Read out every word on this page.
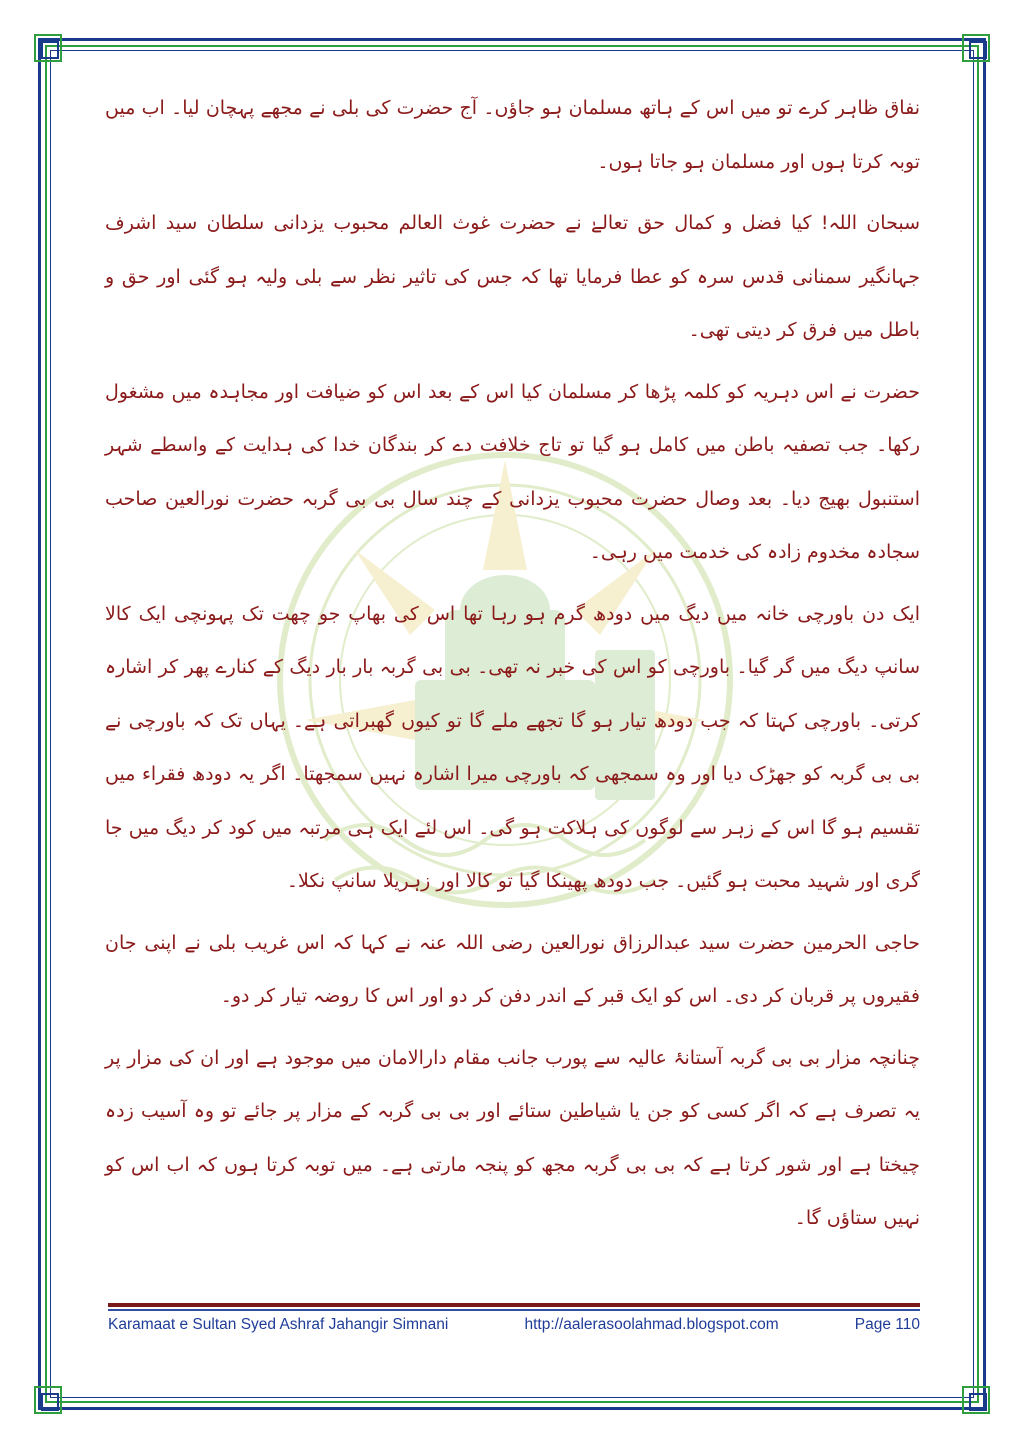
نفاق ظاہر کرے تو میں اس کے ہاتھ مسلمان ہو جاؤں۔ آج حضرت کی بلی نے مجھے پہچان لیا۔ اب میں توبہ کرتا ہوں اور مسلمان ہو جاتا ہوں۔

سبحان اللہ! کیا فضل و کمال حق تعالےٰ نے حضرت غوث العالم محبوب یزدانی سلطان سید اشرف جہانگیر سمنانی قدس سرہ کو عطا فرمایا تھا کہ جس کی تاثیر نظر سے بلی ولیہ ہو گئی اور حق و باطل میں فرق کر دیتی تھی۔

حضرت نے اس دہریہ کو کلمہ پڑھا کر مسلمان کیا اس کے بعد اس کو ضیافت اور مجاہدہ میں مشغول رکھا۔ جب تصفیہ باطن میں کامل ہو گیا تو تاج خلافت دے کر بندگان خدا کی ہدایت کے واسطے شہر استنبول بھیج دیا۔ بعد وصال حضرت محبوب یزدانی کے چند سال بی بی گربہ حضرت نورالعین صاحب سجادہ مخدوم زادہ کی خدمت میں رہی۔

ایک دن باورچی خانہ میں دیگ میں دودھ گرم ہو رہا تھا اس کی بھاپ جو چھت تک پہونچی ایک کالا سانپ دیگ میں گر گیا۔ باورچی کو اس کی خبر نہ تھی۔ بی بی گربہ بار بار دیگ کے کنارے پھر کر اشارہ کرتی۔ باورچی کہتا کہ جب دودھ تیار ہو گا تجھے ملے گا تو کیوں گھبراتی ہے۔ یہاں تک کہ باورچی نے بی بی گربہ کو جھڑک دیا اور وہ سمجھی کہ باورچی میرا اشارہ نہیں سمجھتا۔ اگر یہ دودھ فقراء میں تقسیم ہو گا اس کے زہر سے لوگوں کی ہلاکت ہو گی۔ اس لئے ایک ہی مرتبہ میں کود کر دیگ میں جا گری اور شہید محبت ہو گئیں۔ جب دودھ پھینکا گیا تو کالا اور زہریلا سانپ نکلا۔

حاجی الحرمین حضرت سید عبدالرزاق نورالعین رضی اللہ عنہ نے کہا کہ اس غریب بلی نے اپنی جان فقیروں پر قربان کر دی۔ اس کو ایک قبر کے اندر دفن کر دو اور اس کا روضہ تیار کر دو۔

چنانچہ مزار بی بی گربہ آستانۂ عالیہ سے پورب جانب مقام دارالامان میں موجود ہے اور ان کی مزار پر یہ تصرف ہے کہ اگر کسی کو جن یا شیاطین ستائے اور بی بی گربہ کے مزار پر جائے تو وہ آسیب زدہ چیختا ہے اور شور کرتا ہے کہ بی بی گربہ مجھ کو پنجہ مارتی ہے۔ میں توبہ کرتا ہوں کہ اب اس کو نہیں ستاؤں گا۔

Karamaat e Sultan Syed Ashraf Jahangir Simnani	http://aalerasoolahmad.blogspot.com	Page 110
